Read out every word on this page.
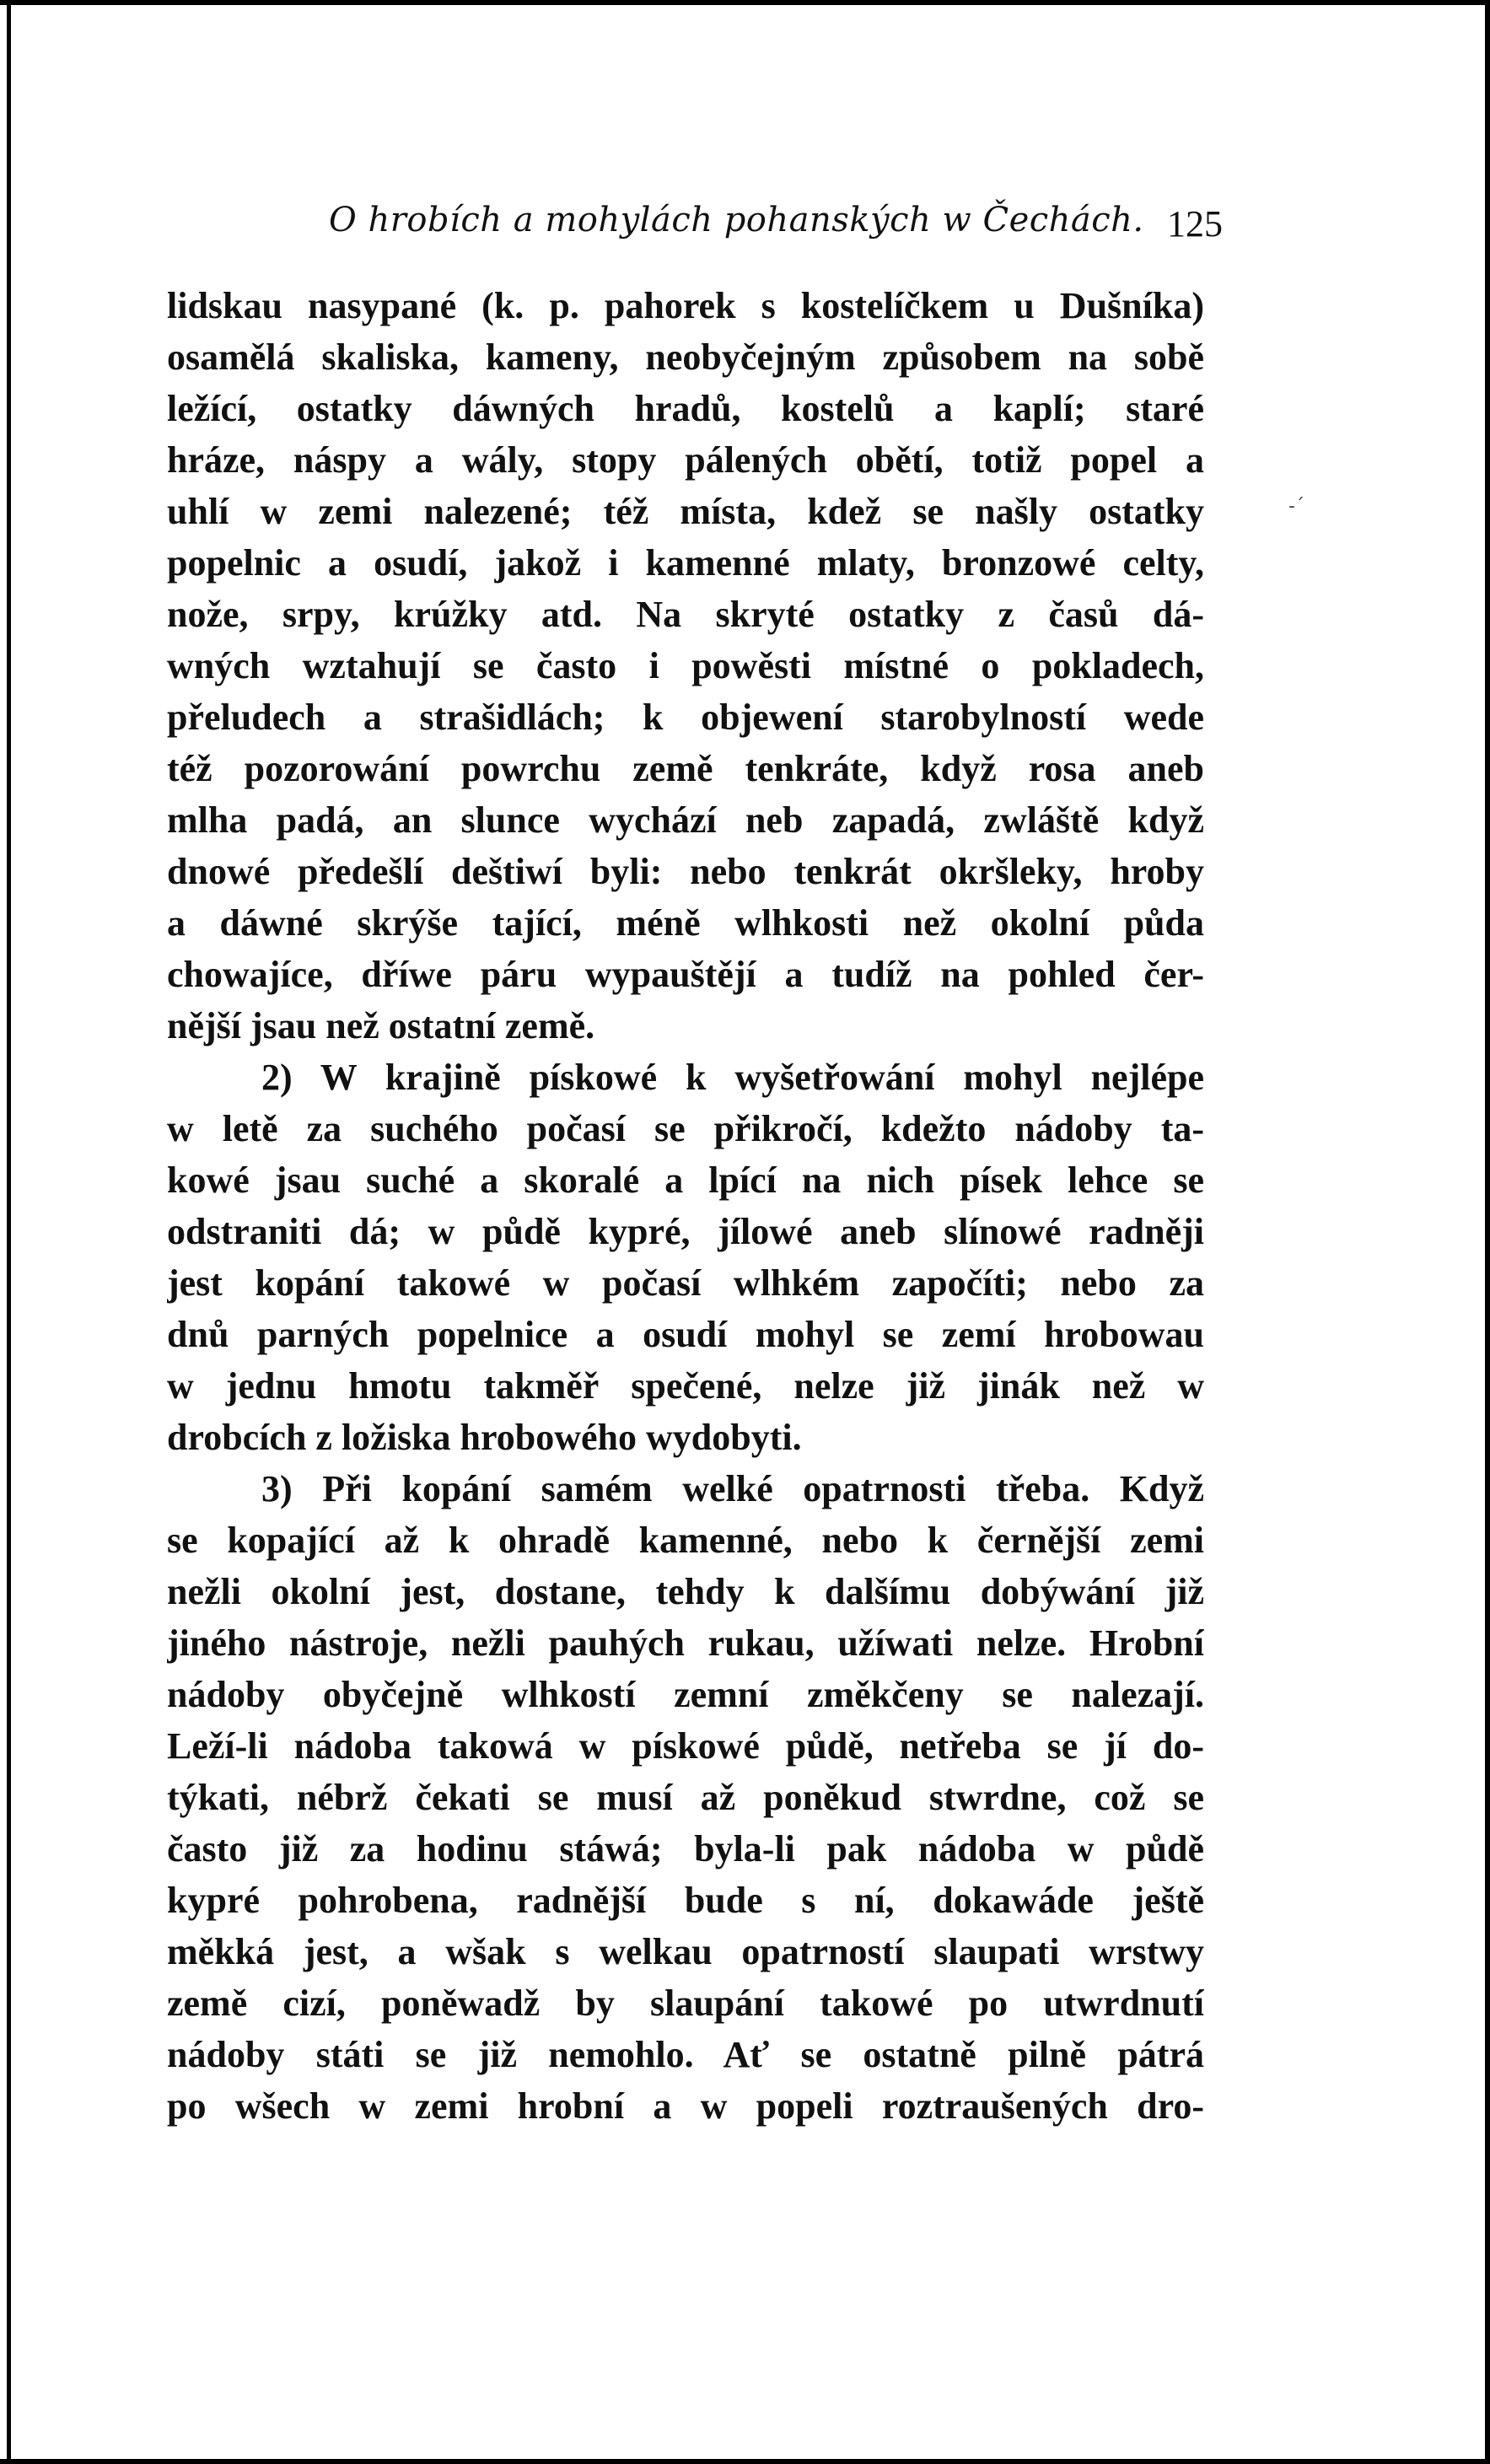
O hrobích a mohylách pohanských w Čechách. 125
-ˊ
lidskau nasypané (k. p. pahorek s kostelíčkem u Dušníka)
osamělá skaliska, kameny, neobyčejným způsobem na sobě
ležící, ostatky dáwných hradů, kostelů a kaplí; staré
hráze, náspy a wály, stopy pálených obětí, totiž popel a
uhlí w zemi nalezené; též místa, kdež se našly ostatky
popelnic a osudí, jakož i kamenné mlaty, bronzowé celty,
nože, srpy, krúžky atd. Na skryté ostatky z časů dá-
wných wztahují se často i powěsti místné o pokladech,
přeludech a strašidlách; k objewení starobylností wede
též pozorowání powrchu země tenkráte, když rosa aneb
mlha padá, an slunce wychází neb zapadá, zwláště když
dnowé předešlí deštiwí byli: nebo tenkrát okršleky, hroby
a dáwné skrýše tající, méně wlhkosti než okolní půda
chowajíce, dříwe páru wypauštějí a tudíž na pohled čer-
nější jsau než ostatní země.
2) W krajině pískowé k wyšetřowání mohyl nejlépe
w letě za suchého počasí se přikročí, kdežto nádoby ta-
kowé jsau suché a skoralé a lpící na nich písek lehce se
odstraniti dá; w půdě kypré, jílowé aneb slínowé radněji
jest kopání takowé w počasí wlhkém započíti; nebo za
dnů parných popelnice a osudí mohyl se zemí hrobowau
w jednu hmotu takměř spečené, nelze již jinák než w
drobcích z ložiska hrobowého wydobyti.
3) Při kopání samém welké opatrnosti třeba. Když
se kopající až k ohradě kamenné, nebo k černější zemi
nežli okolní jest, dostane, tehdy k dalšímu dobýwání již
jiného nástroje, nežli pauhých rukau, užíwati nelze. Hrobní
nádoby obyčejně wlhkostí zemní změkčeny se nalezají.
Leží-li nádoba takowá w pískowé půdě, netřeba se jí do-
týkati, nébrž čekati se musí až poněkud stwrdne, což se
často již za hodinu stáwá; byla-li pak nádoba w půdě
kypré pohrobena, radnější bude s ní, dokawáde ještě
měkká jest, a wšak s welkau opatrností slaupati wrstwy
země cizí, poněwadž by slaupání takowé po utwrdnutí
nádoby státi se již nemohlo. Ať se ostatně pilně pátrá
po wšech w zemi hrobní a w popeli roztraušených dro-
